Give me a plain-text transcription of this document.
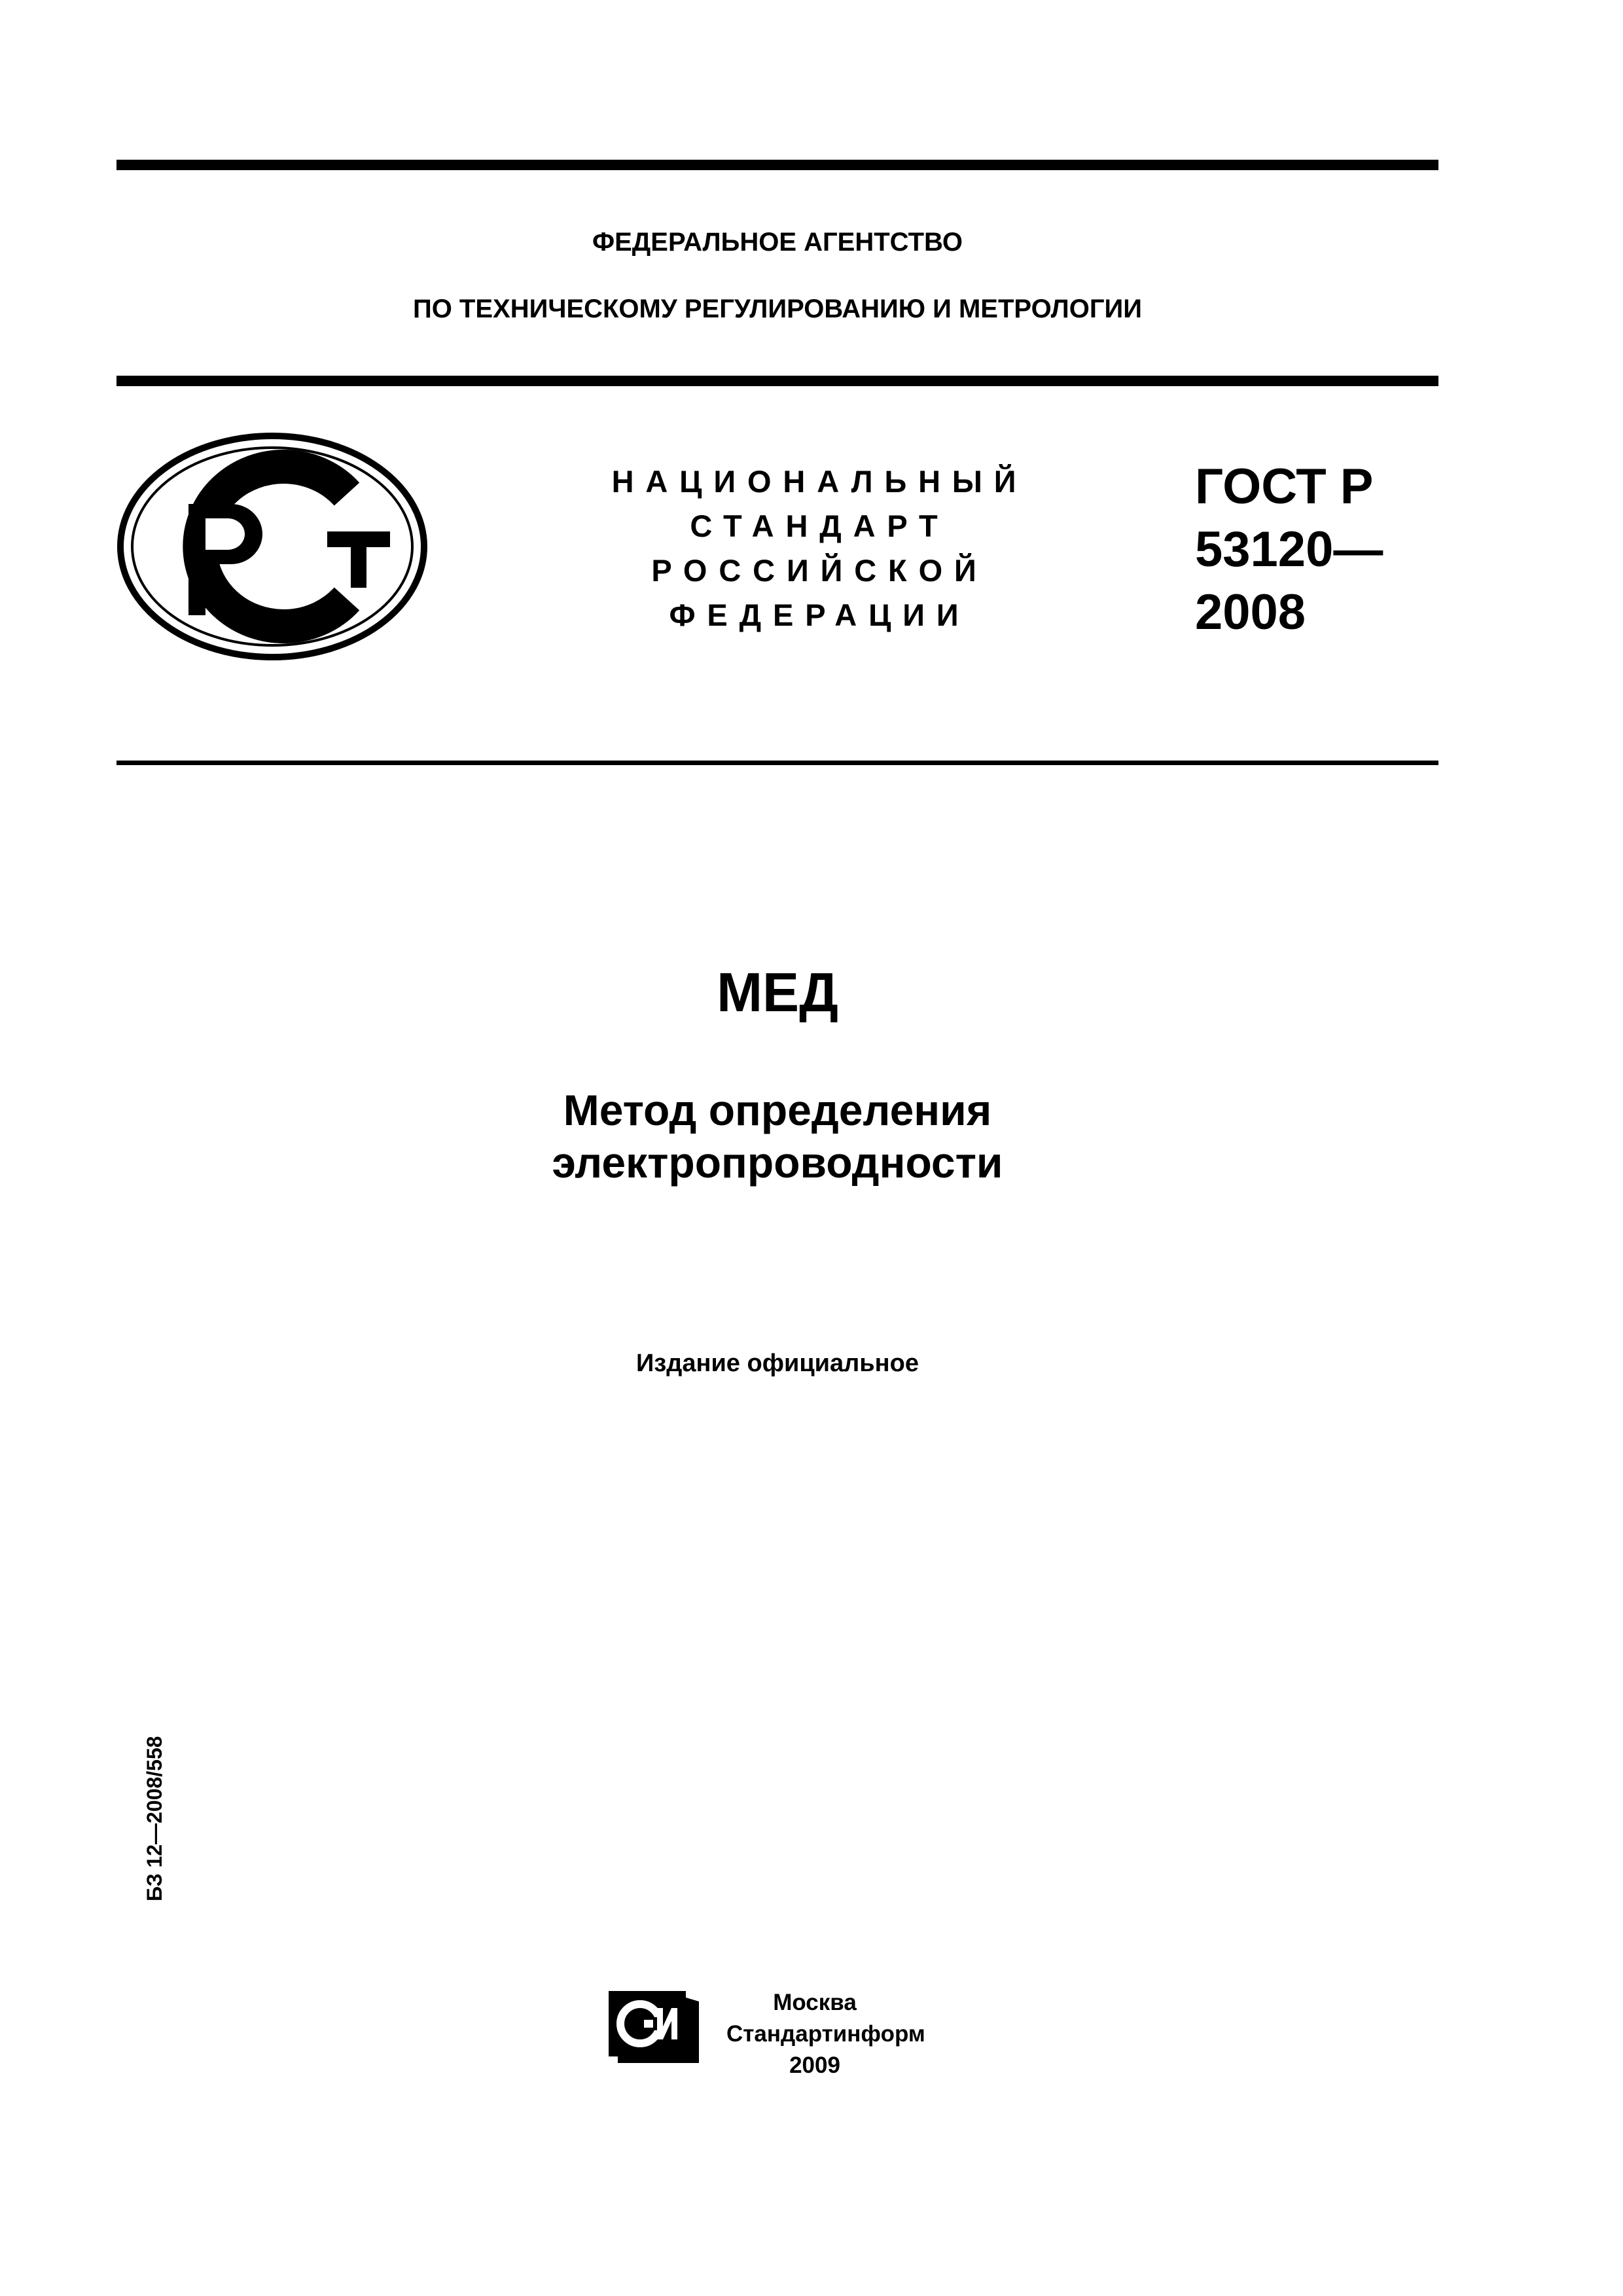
ФЕДЕРАЛЬНОЕ АГЕНТСТВО
ПО ТЕХНИЧЕСКОМУ РЕГУЛИРОВАНИЮ И МЕТРОЛОГИИ
НАЦИОНАЛЬНЫЙ
СТАНДАРТ
РОССИЙСКОЙ
ФЕДЕРАЦИИ
ГОСТ Р
53120—
2008
МЕД
Метод определения
электропроводности
Издание официальное
БЗ 12—2008/558
Москва
Стандартинформ
2009
